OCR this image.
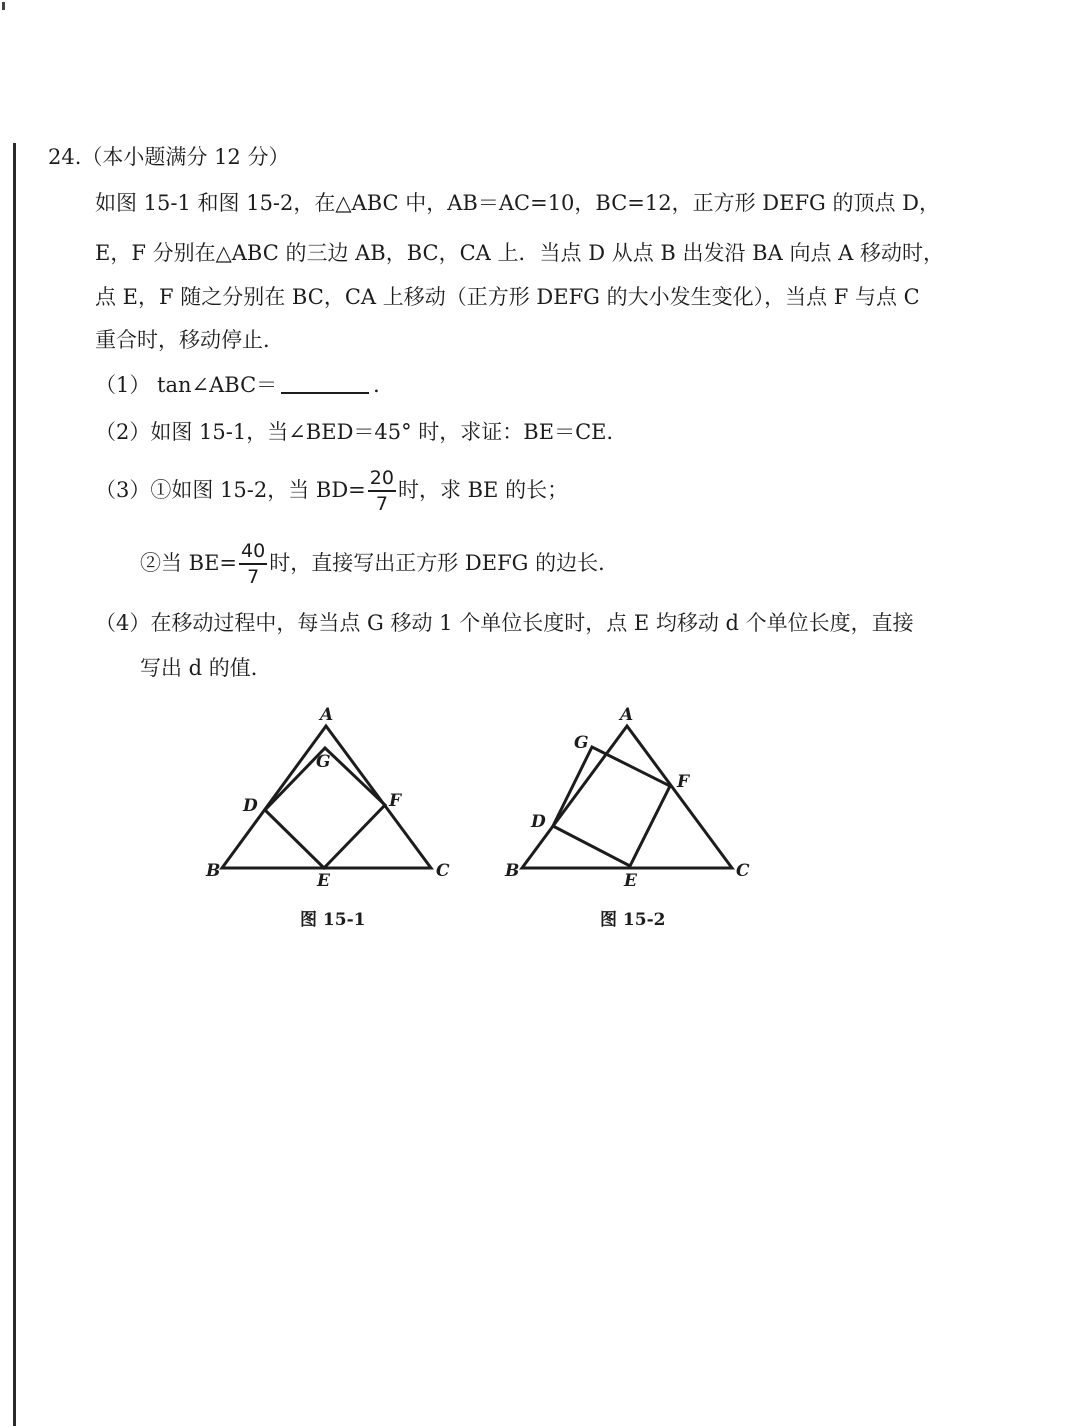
24.（本小题满分 12 分）
如图 15-1 和图 15-2，在△ABC 中，AB＝AC=10，BC=12，正方形 DEFG 的顶点 D，
E，F 分别在△ABC 的三边 AB，BC，CA 上．当点 D 从点 B 出发沿 BA 向点 A 移动时，
点 E，F 随之分别在 BC，CA 上移动（正方形 DEFG 的大小发生变化），当点 F 与点 C
重合时，移动停止．
（1） tan∠ABC＝	．
（2）如图 15-1，当∠BED＝45° 时，求证：BE＝CE．
（3）①如图 15-2，当 $BD= \frac{20}{7}$ 时，求 BE 的长；
②当 $BE= \frac{40}{7}$ 时，直接写出正方形 DEFG 的边长．
（4）在移动过程中，每当点 G 移动 1 个单位长度时，点 E 均移动 d 个单位长度，直接
写出 d 的值．
A
B	C
D
E
F
G
图 15-1
A
B	C
D
E
F
G
图 15-2
